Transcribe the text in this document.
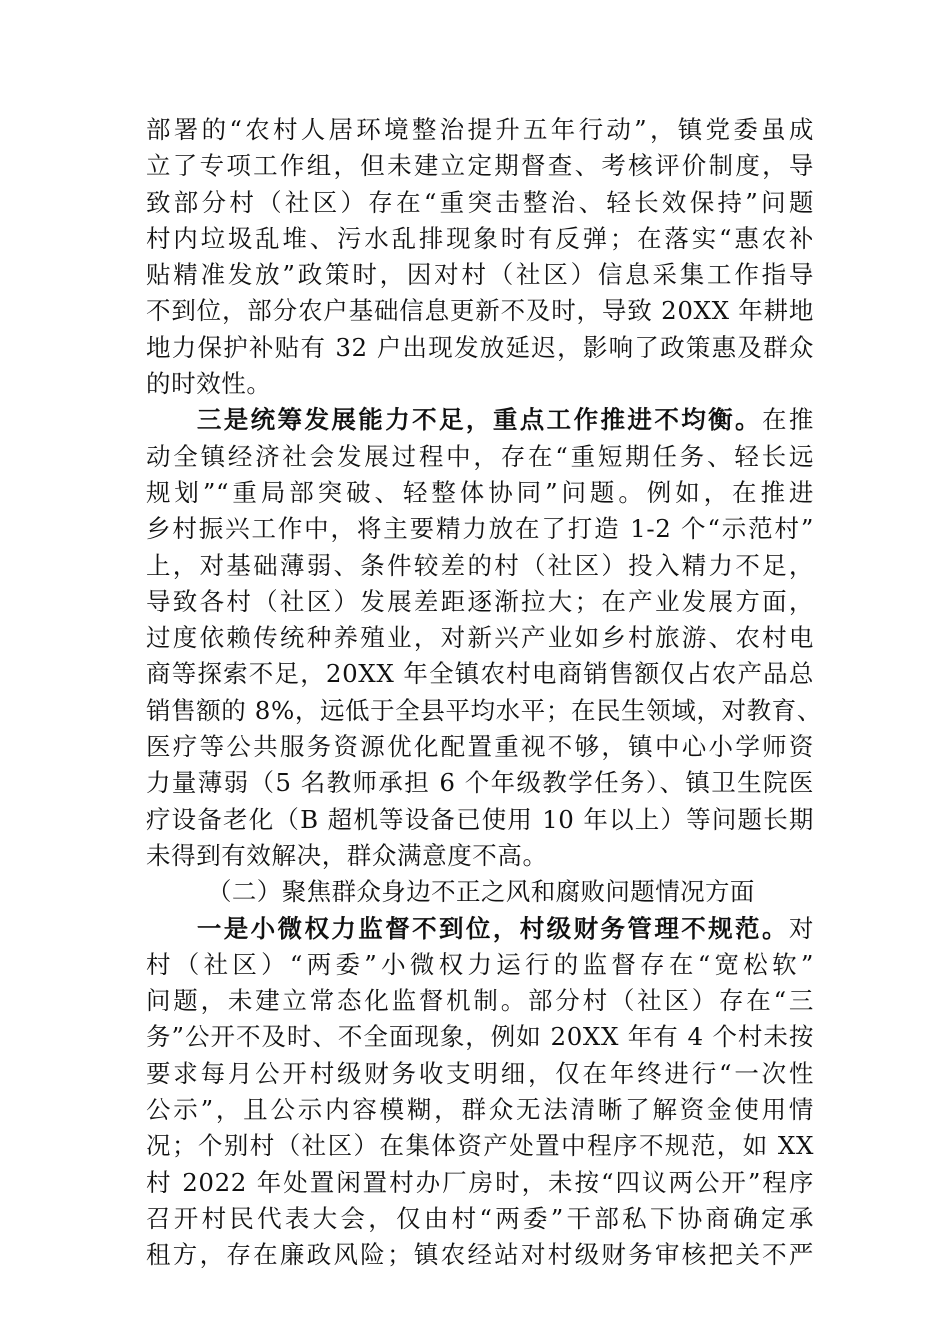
部署的“农村人居环境整治提升五年行动”，镇党委虽成
立了专项工作组，但未建立定期督查、考核评价制度，导
致部分村（社区）存在“重突击整治、轻长效保持”问题
村内垃圾乱堆、污水乱排现象时有反弹；在落实“惠农补
贴精准发放”政策时，因对村（社区）信息采集工作指导
不到位，部分农户基础信息更新不及时，导致 20XX 年耕地
地力保护补贴有 32 户出现发放延迟，影响了政策惠及群众
的时效性。
三是统筹发展能力不足，重点工作推进不均衡。在推
动全镇经济社会发展过程中，存在“重短期任务、轻长远
规划”“重局部突破、轻整体协同”问题。例如，在推进
乡村振兴工作中，将主要精力放在了打造 1-2 个“示范村”
上，对基础薄弱、条件较差的村（社区）投入精力不足，
导致各村（社区）发展差距逐渐拉大；在产业发展方面，
过度依赖传统种养殖业，对新兴产业如乡村旅游、农村电
商等探索不足，20XX 年全镇农村电商销售额仅占农产品总
销售额的 8%，远低于全县平均水平；在民生领域，对教育、
医疗等公共服务资源优化配置重视不够，镇中心小学师资
力量薄弱（5 名教师承担 6 个年级教学任务）、镇卫生院医
疗设备老化（B 超机等设备已使用 10 年以上）等问题长期
未得到有效解决，群众满意度不高。
（二）聚焦群众身边不正之风和腐败问题情况方面
一是小微权力监督不到位，村级财务管理不规范。对
村（社区）“两委”小微权力运行的监督存在“宽松软”
问题，未建立常态化监督机制。部分村（社区）存在“三
务”公开不及时、不全面现象，例如 20XX 年有 4 个村未按
要求每月公开村级财务收支明细，仅在年终进行“一次性
公示”，且公示内容模糊，群众无法清晰了解资金使用情
况；个别村（社区）在集体资产处置中程序不规范，如 XX
村 2022 年处置闲置村办厂房时，未按“四议两公开”程序
召开村民代表大会，仅由村“两委”干部私下协商确定承
租方，存在廉政风险；镇农经站对村级财务审核把关不严
